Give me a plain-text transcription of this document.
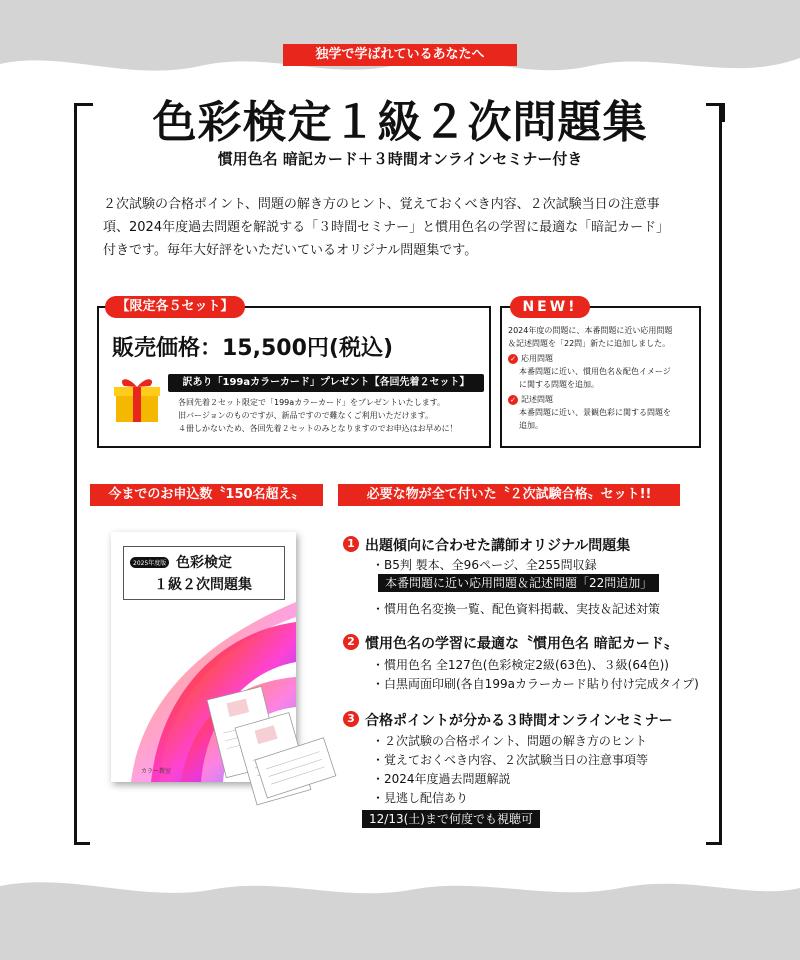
独学で学ばれているあなたへ
色彩検定１級２次問題集
慣用色名 暗記カード＋３時間オンラインセミナー付き
２次試験の合格ポイント、問題の解き方のヒント、覚えておくべき内容、２次試験当日の注意事
項、2024年度過去問題を解説する「３時間セミナー」と慣用色名の学習に最適な「暗記カード」
付きです。毎年大好評をいただいているオリジナル問題集です。
【限定各５セット】
販売価格：15,500円(税込)
訳あり「199aカラーカード」プレゼント【各回先着２セット】
各回先着２セット限定で「199aカラーカード」をプレゼントいたします。
旧バージョンのものですが、新品ですので難なくご利用いただけます。
４冊しかないため、各回先着２セットのみとなりますのでお申込はお早めに！
NEW!
2024年度の問題に、本番問題に近い応用問題
＆記述問題を「22問」新たに追加しました。
✓ 応用問題
本番問題に近い、慣用色名＆配色イメージ
に関する問題を追加。
✓ 記述問題
本番問題に近い、景観色彩に関する問題を
追加。
今までのお申込数〝150名超え〟	必要な物が全て付いた〝２次試験合格〟セット!!
2025年度版 色彩検定
１級２次問題集
カラー教室
1 出題傾向に合わせた講師オリジナル問題集
・B5判 製本、全96ページ、全255問収録
本番問題に近い応用問題＆記述問題「22問追加」
・慣用色名変換一覧、配色資料掲載、実技＆記述対策
2 慣用色名の学習に最適な〝慣用色名 暗記カード〟
・慣用色名 全127色(色彩検定2級(63色)、３級(64色))
・白黒両面印刷(各自199aカラーカード貼り付け完成タイプ)
3 合格ポイントが分かる３時間オンラインセミナー
・２次試験の合格ポイント、問題の解き方のヒント
・覚えておくべき内容、２次試験当日の注意事項等
・2024年度過去問題解説
・見逃し配信あり
12/13(土)まで何度でも視聴可
